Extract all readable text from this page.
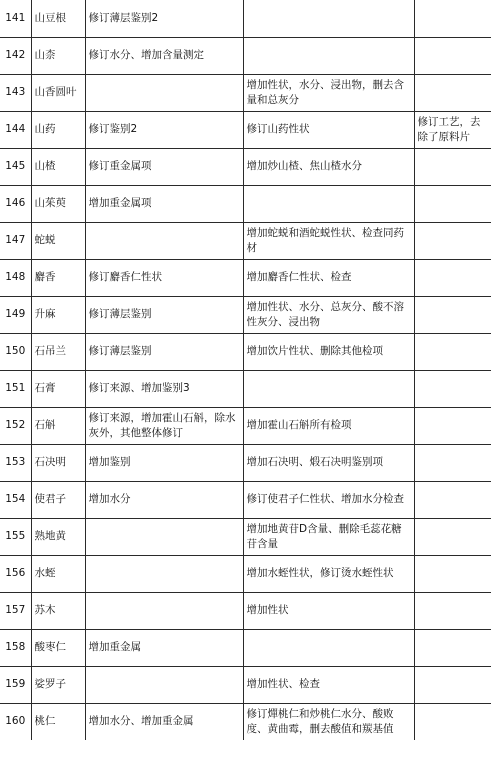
141	山豆根	修订薄层鉴别2		
142	山柰	修订水分、增加含量测定		
143	山香圆叶		增加性状，水分、浸出物，删去含量和总灰分	
144	山药	修订鉴别2	修订山药性状	修订工艺，去除了原料片
145	山楂	修订重金属项	增加炒山楂、焦山楂水分	
146	山茱萸	增加重金属项		
147	蛇蜕		增加蛇蜕和酒蛇蜕性状、检查同药材	
148	麝香	修订麝香仁性状	增加麝香仁性状、检查	
149	升麻	修订薄层鉴别	增加性状、水分、总灰分、酸不溶性灰分、浸出物	
150	石吊兰	修订薄层鉴别	增加饮片性状、删除其他检项	
151	石膏	修订来源、增加鉴别3		
152	石斛	修订来源，增加霍山石斛，除水灰外，其他整体修订	增加霍山石斛所有检项	
153	石决明	增加鉴别	增加石决明、煅石决明鉴别项	
154	使君子	增加水分	修订使君子仁性状、增加水分检查	
155	熟地黄		增加地黄苷D含量、删除毛蕊花糖苷含量	
156	水蛭		增加水蛭性状，修订烫水蛭性状	
157	苏木		增加性状	
158	酸枣仁	增加重金属		
159	娑罗子		增加性状、检查	
160	桃仁	增加水分、增加重金属	修订燀桃仁和炒桃仁水分、酸败度、黄曲霉，删去酸值和羰基值	
